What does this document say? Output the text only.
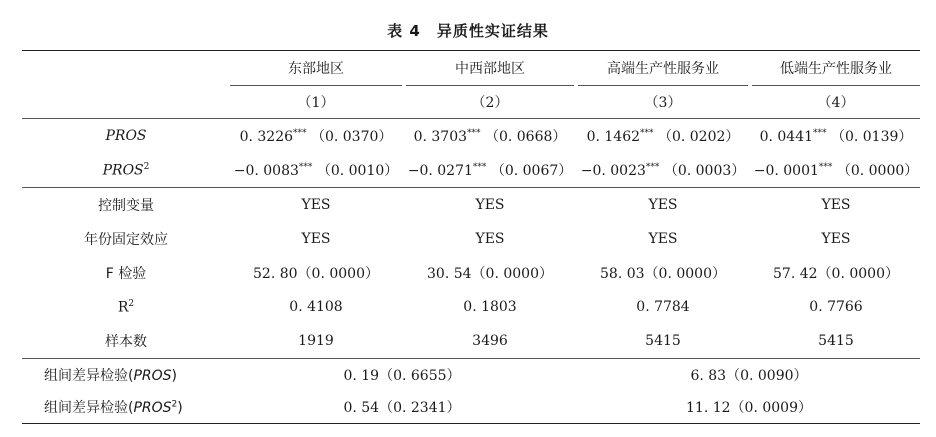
表 4 异质性实证结果
	东部地区		中西部地区		高端生产性服务业		低端生产性服务业
	（1）		（2）		（3）		（4）
PROS	0. 3226*** （0. 0370）		0. 3703*** （0. 0668）		0. 1462*** （0. 0202）		0. 0441*** （0. 0139）
$PROS^2$	−0. 0083*** （0. 0010）		−0. 0271*** （0. 0067）		−0. 0023*** （0. 0003）		−0. 0001*** （0. 0000）
控制变量	YES		YES		YES		YES
年份固定效应	YES		YES		YES		YES
F 检验	52. 80（0. 0000）		30. 54（0. 0000）		58. 03（0. 0000）		57. 42（0. 0000）
$R^2$	0. 4108		0. 1803		0. 7784		0. 7766
样本数	1919		3496		5415		5415
组间差异检验(PROS)	0. 19（0. 6655）				6. 83（0. 0090）		
组间差异检验(PROS$^2$)	0. 54（0. 2341）				11. 12（0. 0009）		
